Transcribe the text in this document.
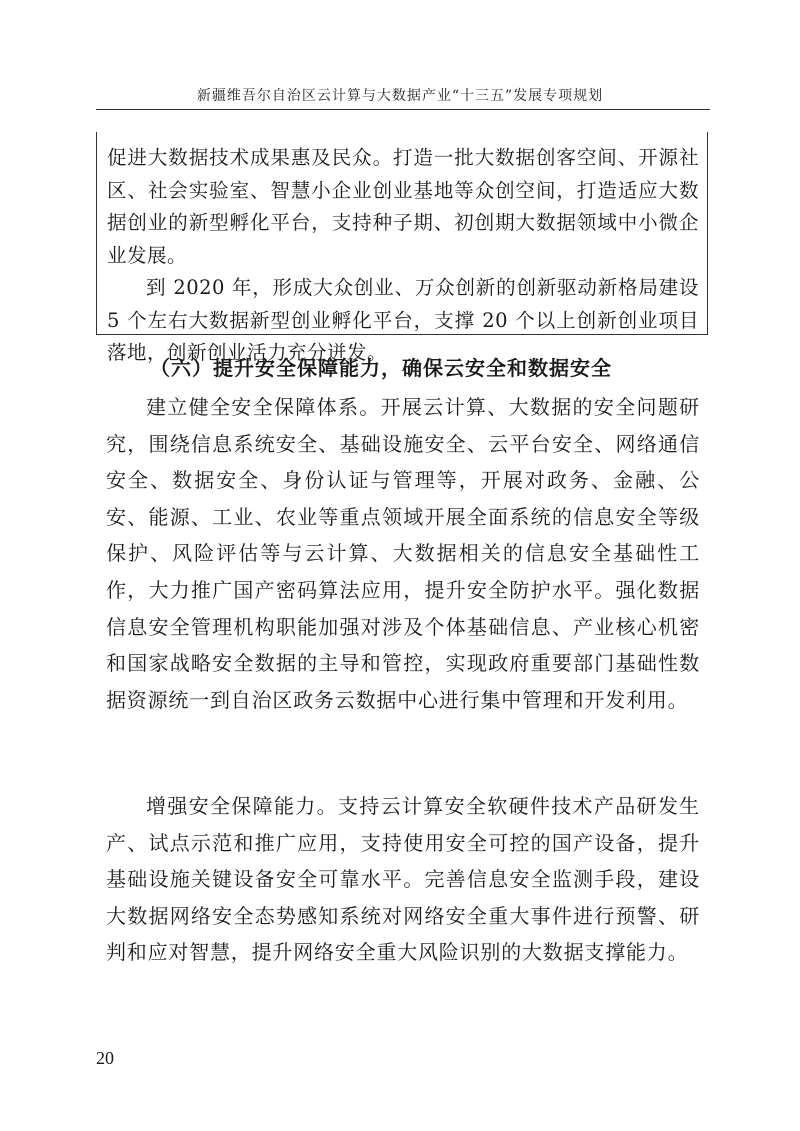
新疆维吾尔自治区云计算与大数据产业“十三五”发展专项规划

促进大数据技术成果惠及民众。打造一批大数据创客空间、开源社区、社会实验室、智慧小企业创业基地等众创空间，打造适应大数据创业的新型孵化平台，支持种子期、初创期大数据领域中小微企业发展。

到 2020 年，形成大众创业、万众创新的创新驱动新格局建设 5 个左右大数据新型创业孵化平台，支撑 20 个以上创新创业项目落地，创新创业活力充分迸发。

（六）提升安全保障能力，确保云安全和数据安全

建立健全安全保障体系。开展云计算、大数据的安全问题研究，围绕信息系统安全、基础设施安全、云平台安全、网络通信安全、数据安全、身份认证与管理等，开展对政务、金融、公安、能源、工业、农业等重点领域开展全面系统的信息安全等级保护、风险评估等与云计算、大数据相关的信息安全基础性工作，大力推广国产密码算法应用，提升安全防护水平。强化数据信息安全管理机构职能加强对涉及个体基础信息、产业核心机密和国家战略安全数据的主导和管控，实现政府重要部门基础性数据资源统一到自治区政务云数据中心进行集中管理和开发利用。

增强安全保障能力。支持云计算安全软硬件技术产品研发生产、试点示范和推广应用，支持使用安全可控的国产设备，提升基础设施关键设备安全可靠水平。完善信息安全监测手段，建设大数据网络安全态势感知系统对网络安全重大事件进行预警、研判和应对智慧，提升网络安全重大风险识别的大数据支撑能力。

20
